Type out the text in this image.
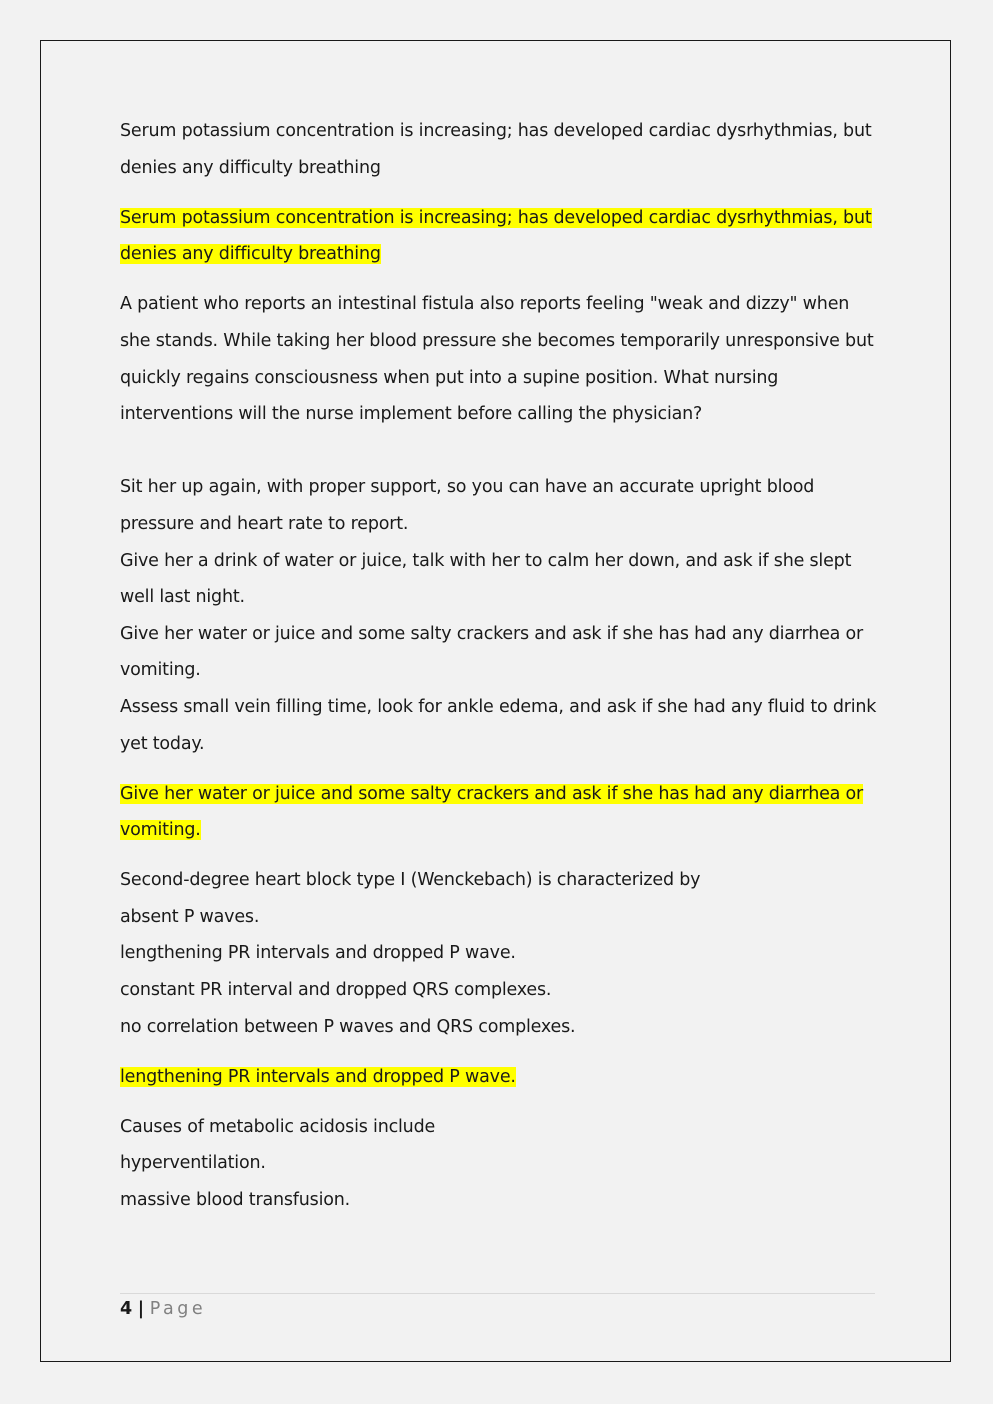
Serum potassium concentration is increasing; has developed cardiac dysrhythmias, but
denies any difficulty breathing
Serum potassium concentration is increasing; has developed cardiac dysrhythmias, but
denies any difficulty breathing
A patient who reports an intestinal fistula also reports feeling "weak and dizzy" when
she stands. While taking her blood pressure she becomes temporarily unresponsive but
quickly regains consciousness when put into a supine position. What nursing
interventions will the nurse implement before calling the physician?
Sit her up again, with proper support, so you can have an accurate upright blood
pressure and heart rate to report.
Give her a drink of water or juice, talk with her to calm her down, and ask if she slept
well last night.
Give her water or juice and some salty crackers and ask if she has had any diarrhea or
vomiting.
Assess small vein filling time, look for ankle edema, and ask if she had any fluid to drink
yet today.
Give her water or juice and some salty crackers and ask if she has had any diarrhea or
vomiting.
Second-degree heart block type I (Wenckebach) is characterized by
absent P waves.
lengthening PR intervals and dropped P wave.
constant PR interval and dropped QRS complexes.
no correlation between P waves and QRS complexes.
lengthening PR intervals and dropped P wave.
Causes of metabolic acidosis include
hyperventilation.
massive blood transfusion.
4 | Page
